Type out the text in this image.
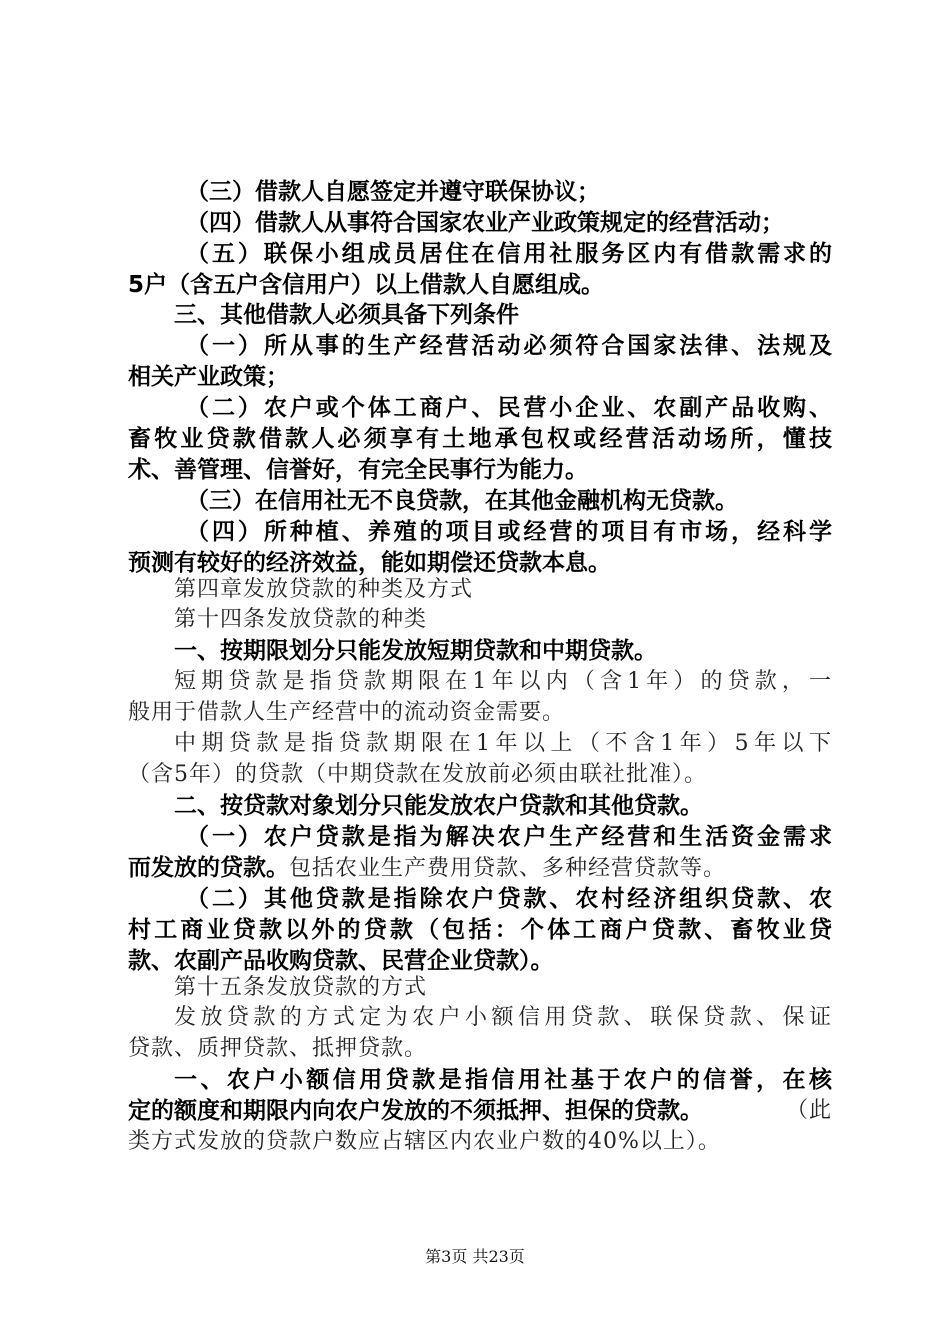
（三）借款人自愿签定并遵守联保协议；
（四）借款人从事符合国家农业产业政策规定的经营活动；
（五）联保小组成员居住在信用社服务区内有借款需求的
5户（含五户含信用户）以上借款人自愿组成。
三、其他借款人必须具备下列条件
（一）所从事的生产经营活动必须符合国家法律、法规及
相关产业政策；
（二）农户或个体工商户、民营小企业、农副产品收购、
畜牧业贷款借款人必须享有土地承包权或经营活动场所，懂技
术、善管理、信誉好，有完全民事行为能力。
（三）在信用社无不良贷款，在其他金融机构无贷款。
（四）所种植、养殖的项目或经营的项目有市场，经科学
预测有较好的经济效益，能如期偿还贷款本息。
第四章发放贷款的种类及方式
第十四条发放贷款的种类
一、按期限划分只能发放短期贷款和中期贷款。
短期贷款是指贷款期限在1年以内（含1年）的贷款，一
般用于借款人生产经营中的流动资金需要。
中期贷款是指贷款期限在1年以上（不含1年）5年以下
（含5年）的贷款（中期贷款在发放前必须由联社批准）。
二、按贷款对象划分只能发放农户贷款和其他贷款。
（一）农户贷款是指为解决农户生产经营和生活资金需求
而发放的贷款。包括农业生产费用贷款、多种经营贷款等。
（二）其他贷款是指除农户贷款、农村经济组织贷款、农
村工商业贷款以外的贷款（包括：个体工商户贷款、畜牧业贷
款、农副产品收购贷款、民营企业贷款）。
第十五条发放贷款的方式
发放贷款的方式定为农户小额信用贷款、联保贷款、保证
贷款、质押贷款、抵押贷款。
一、农户小额信用贷款是指信用社基于农户的信誉，在核
定的额度和期限内向农户发放的不须抵押、担保的贷款。	（此
类方式发放的贷款户数应占辖区内农业户数的40%以上）。
第3页 共23页
